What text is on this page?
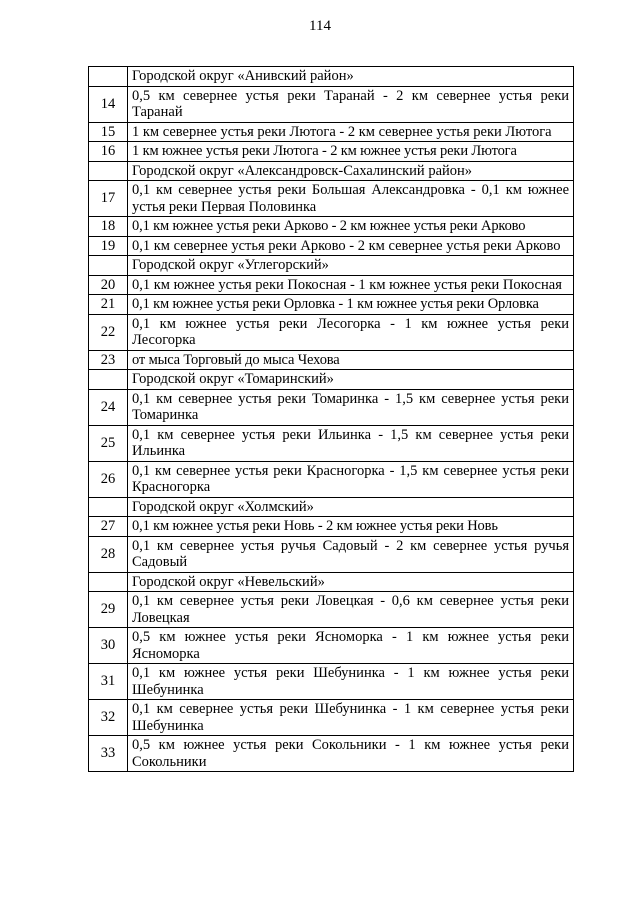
114
	Городской округ «Анивский район»
14	0,5 км севернее устья реки Таранай - 2 км севернее устья реки Таранай
15	1 км севернее устья реки Лютога - 2 км севернее устья реки Лютога
16	1 км южнее устья реки Лютога - 2 км южнее устья реки Лютога
	Городской округ «Александровск-Сахалинский район»
17	0,1 км севернее устья реки Большая Александровка - 0,1 км южнее устья реки Первая Половинка
18	0,1 км южнее устья реки Арково - 2 км южнее устья реки Арково
19	0,1 км севернее устья реки Арково - 2 км севернее устья реки Арково
	Городской округ «Углегорский»
20	0,1 км южнее устья реки Покосная - 1 км южнее устья реки Покосная
21	0,1 км южнее устья реки Орловка - 1 км южнее устья реки Орловка
22	0,1 км южнее устья реки Лесогорка - 1 км южнее устья реки Лесогорка
23	от мыса Торговый до мыса Чехова
	Городской округ «Томаринский»
24	0,1 км севернее устья реки Томаринка - 1,5 км севернее устья реки Томаринка
25	0,1 км севернее устья реки Ильинка - 1,5 км севернее устья реки Ильинка
26	0,1 км севернее устья реки Красногорка - 1,5 км севернее устья реки Красногорка
	Городской округ «Холмский»
27	0,1 км южнее устья реки Новь - 2 км южнее устья реки Новь
28	0,1 км севернее устья ручья Садовый - 2 км севернее устья ручья Садовый
	Городской округ «Невельский»
29	0,1 км севернее устья реки Ловецкая - 0,6 км севернее устья реки Ловецкая
30	0,5 км южнее устья реки Ясноморка - 1 км южнее устья реки Ясноморка
31	0,1 км южнее устья реки Шебунинка - 1 км южнее устья реки Шебунинка
32	0,1 км севернее устья реки Шебунинка - 1 км севернее устья реки Шебунинка
33	0,5 км южнее устья реки Сокольники - 1 км южнее устья реки Сокольники
